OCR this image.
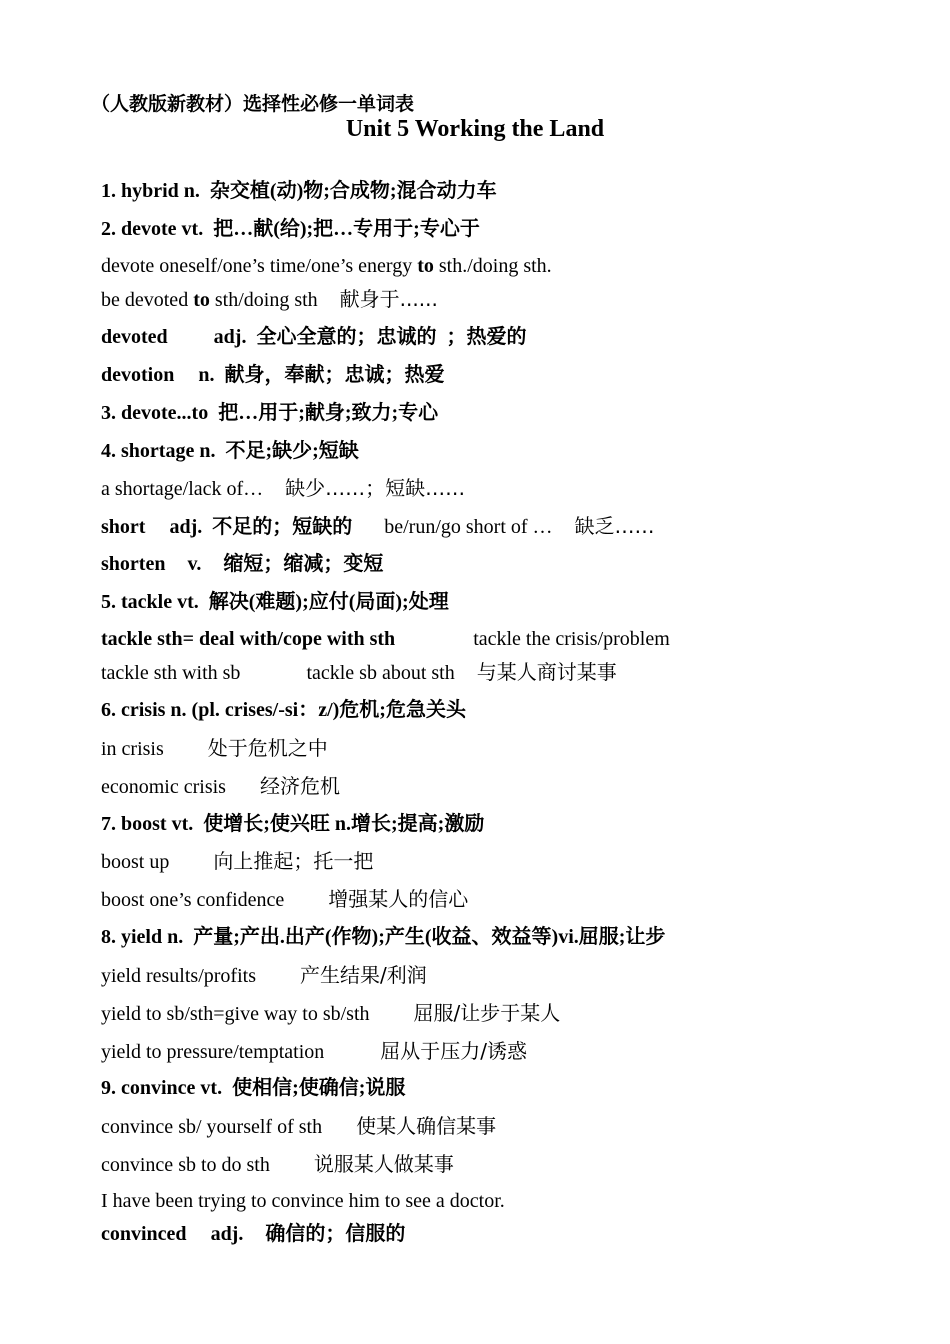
（人教版新教材）选择性必修一单词表
Unit 5 Working the Land

1. hybrid n.  杂交植(动)物;合成物;混合动力车

2. devote vt.  把…献(给);把…专用于;专心于

devote oneself/one’s time/one’s energy to sth./doing sth.

be devoted to sth/doing sth 献身于......

devoted adj.  全心全意的；忠诚的  ；热爱的

devotion n.  献身，奉献；忠诚；热爱

3. devote...to  把…用于;献身;致力;专心

4. shortage n.  不足;缺少;短缺

a shortage/lack of… 缺少……；短缺……

short adj.  不足的；短缺的 be/run/go short of … 缺乏……

shorten v. 缩短；缩减；变短

5. tackle vt.  解决(难题);应付(局面);处理

tackle sth= deal with/cope with sth	tackle the crisis/problem

tackle sth with sb	tackle sb about sth 与某人商讨某事

6. crisis n. (pl. crises/-si：z/)危机;危急关头

in crisis 处于危机之中

economic crisis 经济危机

7. boost vt.  使增长;使兴旺 n.增长;提高;激励

boost up 向上推起；托一把

boost one’s confidence 增强某人的信心

8. yield n.  产量;产出.出产(作物);产生(收益、效益等)vi.屈服;让步

yield results/profits 产生结果/利润

yield to sb/sth=give way to sb/sth 屈服/让步于某人

yield to pressure/temptation	屈从于压力/诱惑

9. convince vt.  使相信;使确信;说服

convince sb/ yourself of sth 使某人确信某事

convince sb to do sth 说服某人做某事

I have been trying to convince him to see a doctor.

convinced adj. 确信的；信服的
